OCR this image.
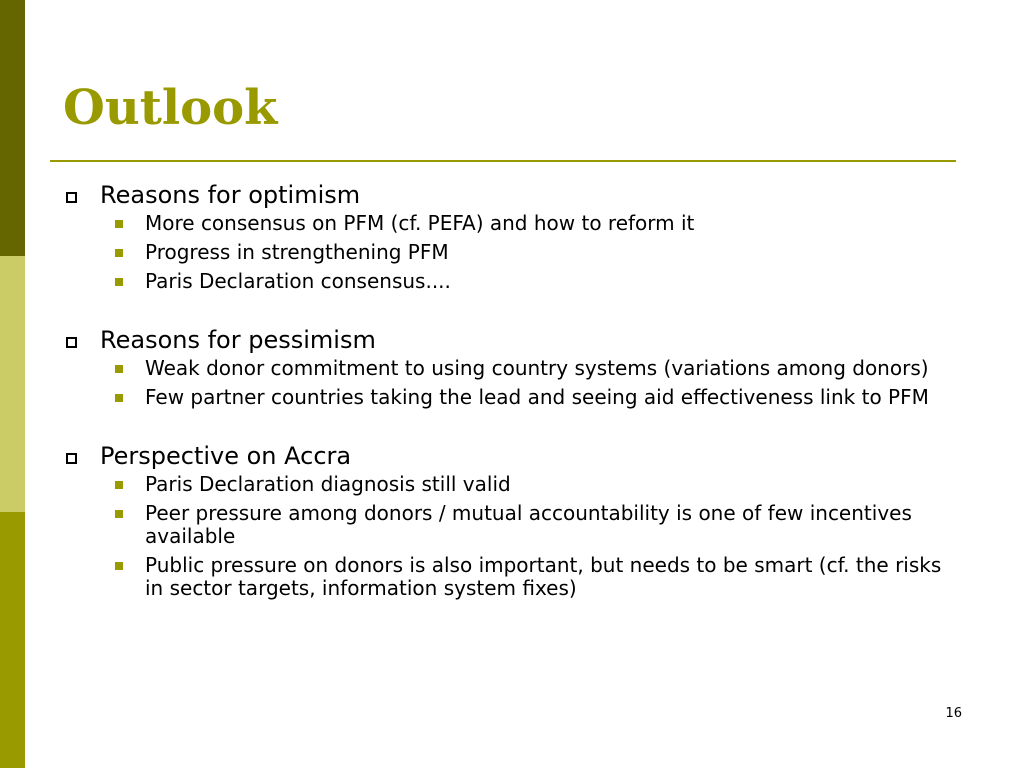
Outlook
Reasons for optimism
More consensus on PFM (cf. PEFA) and how to reform it
Progress in strengthening PFM
Paris Declaration consensus....
Reasons for pessimism
Weak donor commitment to using country systems (variations among donors)
Few partner countries taking the lead and seeing aid effectiveness link to PFM
Perspective on Accra
Paris Declaration diagnosis still valid
Peer pressure among donors / mutual accountability is one of few incentives available
Public pressure on donors is also important, but needs to be smart (cf. the risks in sector targets, information system fixes)
16
